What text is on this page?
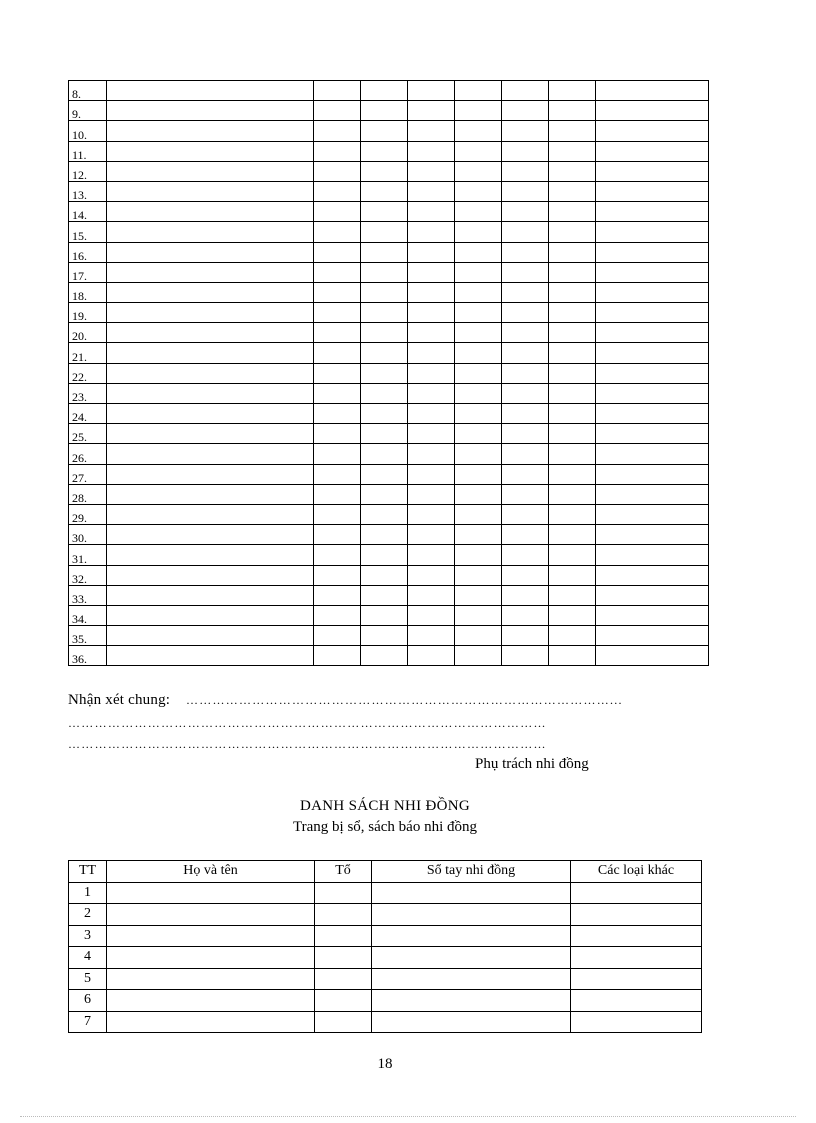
8.								
9.								
10.								
11.								
12.								
13.								
14.								
15.								
16.								
17.								
18.								
19.								
20.								
21.								
22.								
23.								
24.								
25.								
26.								
27.								
28.								
29.								
30.								
31.								
32.								
33.								
34.								
35.								
36.								
Nhận xét chung: ……………………………………………………………………………………...
………………………………………………………………………………………………
………………………………………………………………………………………………
Phụ trách nhi đồng
DANH SÁCH NHI ĐỒNG
Trang bị sổ, sách báo nhi đồng
TT	Họ và tên	Tổ	Sổ tay nhi đồng	Các loại khác
1				
2				
3				
4				
5				
6				
7				
18
